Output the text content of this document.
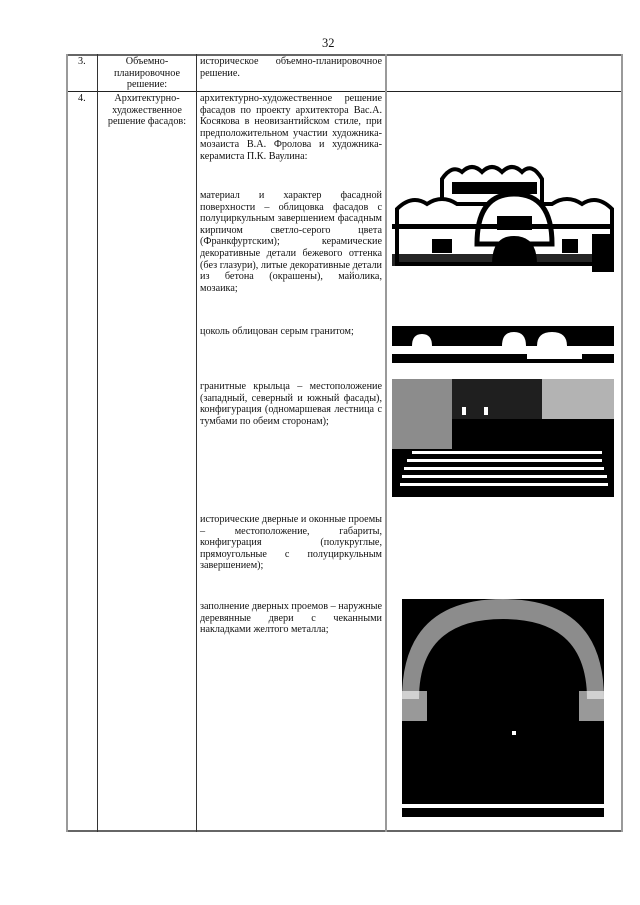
32
3.	Объемно-
планировочное
решение:
историческое объемно-планировочное решение.
4.	Архитектурно-
художественное
решение фасадов:
архитектурно-художественное решение фасадов по проекту архитектора Вас.А. Косякова в неовизантийском стиле, при предположительном участии художника-мозаиста В.А. Фролова и художника-керамиста П.К. Ваулина:
материал и характер фасадной поверхности – облицовка фасадов с полуциркульным завершением фасадным кирпичом светло-серого цвета (Франкфуртским); керамические декоративные детали бежевого оттенка (без глазури), литые декоративные детали из бетона (окрашены), майолика, мозаика;
цоколь облицован серым гранитом;
гранитные крыльца – местоположение (западный, северный и южный фасады), конфигурация (одномаршевая лестница с тумбами по обеим сторонам);
исторические дверные и оконные проемы – местоположение, габариты, конфигурация (полукруглые, прямоугольные с полуциркульным завершением);
заполнение дверных проемов – наружные деревянные двери с чеканными накладками желтого металла;
